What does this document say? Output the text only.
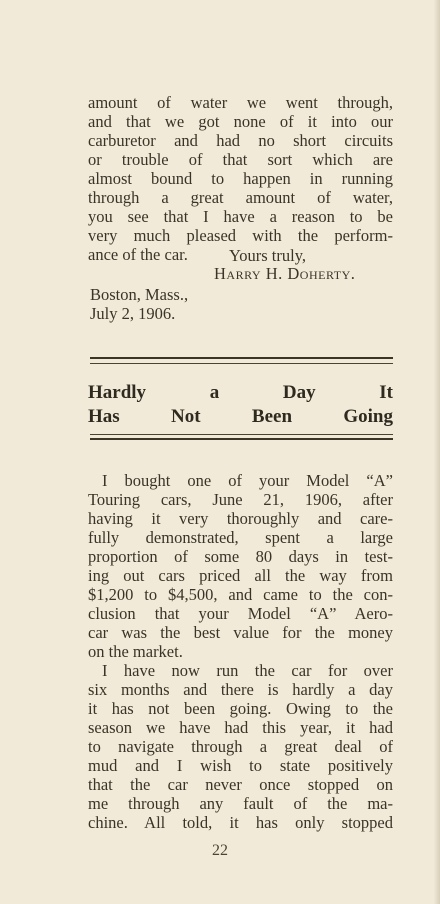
amount of water we went through,
and that we got none of it into our
carburetor and had no short circuits
or trouble of that sort which are
almost bound to happen in running
through a great amount of water,
you see that I have a reason to be
very much pleased with the perform-
ance of the car.	Yours truly,
Harry H. Doherty.
Boston, Mass.,
July 2, 1906.
Hardly a Day It
Has Not Been Going
I bought one of your Model “A”
Touring cars, June 21, 1906, after
having it very thoroughly and care-
fully demonstrated, spent a large
proportion of some 80 days in test-
ing out cars priced all the way from
$1,200 to $4,500, and came to the con-
clusion that your Model “A” Aero-
car was the best value for the money
on the market.
I have now run the car for over
six months and there is hardly a day
it has not been going. Owing to the
season we have had this year, it had
to navigate through a great deal of
mud and I wish to state positively
that the car never once stopped on
me through any fault of the ma-
chine. All told, it has only stopped
22
